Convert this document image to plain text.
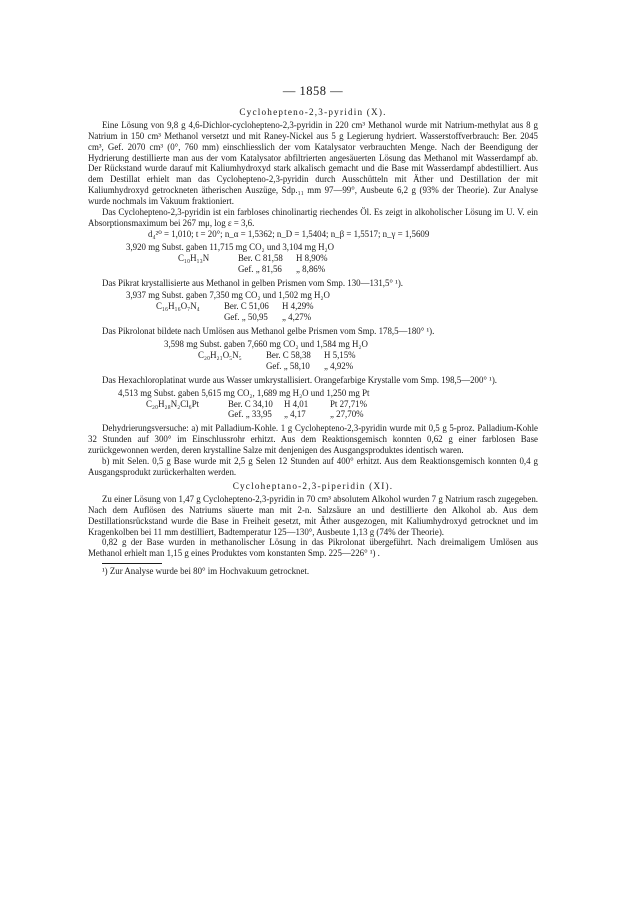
— 1858 —
Cyclohepteno-2,3-pyridin (X).

Eine Lösung von 9,8 g 4,6-Dichlor-cyclohepteno-2,3-pyridin in 220 cm³ Methanol wurde mit Natrium-methylat aus 8 g Natrium in 150 cm³ Methanol versetzt und mit Raney-Nickel aus 5 g Legierung hydriert. Wasserstoffverbrauch: Ber. 2045 cm³, Gef. 2070 cm³ (0°, 760 mm) einschliesslich der vom Katalysator verbrauchten Menge. Nach der Beendigung der Hydrierung destillierte man aus der vom Katalysator abfiltrierten angesäuerten Lösung das Methanol mit Wasserdampf ab. Der Rückstand wurde darauf mit Kaliumhydroxyd stark alkalisch gemacht und die Base mit Wasserdampf abdestilliert. Aus dem Destillat erhielt man das Cyclohepteno-2,3-pyridin durch Ausschütteln mit Äther und Destillation der mit Kaliumhydroxyd getrockneten ätherischen Auszüge, Sdp.₁₁ mm 97—99°, Ausbeute 6,2 g (93% der Theorie). Zur Analyse wurde nochmals im Vakuum fraktioniert.

Das Cyclohepteno-2,3-pyridin ist ein farbloses chinolinartig riechendes Öl. Es zeigt in alkoholischer Lösung im U. V. ein Absorptionsmaximum bei 267 mμ, log ε = 3,6.

d₄²⁰ = 1,010; t = 20°; n_α = 1,5362; n_D = 1,5404; n_β = 1,5517; n_γ = 1,5609
3,920 mg Subst. gaben 11,715 mg CO₂ und 3,104 mg H₂O
C₁₀H₁₃N	Ber. C 81,58	H 8,90%
Gef. „ 81,56	„ 8,86%

Das Pikrat krystallisierte aus Methanol in gelben Prismen vom Smp. 130—131,5° ¹).

3,937 mg Subst. gaben 7,350 mg CO₂ und 1,502 mg H₂O
C₁₆H₁₆O₇N₄	Ber. C 51,06	H 4,29%
Gef. „ 50,95	„ 4,27%

Das Pikrolonat bildete nach Umlösen aus Methanol gelbe Prismen vom Smp. 178,5—180° ¹).

3,598 mg Subst. gaben 7,660 mg CO₂ und 1,584 mg H₂O
C₂₀H₂₁O₅N₅	Ber. C 58,38	H 5,15%
Gef. „ 58,10	„ 4,92%

Das Hexachloroplatinat wurde aus Wasser umkrystallisiert. Orangefarbige Krystalle vom Smp. 198,5—200° ¹).

4,513 mg Subst. gaben 5,615 mg CO₂, 1,689 mg H₂O und 1,250 mg Pt
C₂₀H₂₈N₂Cl₆Pt	Ber. C 34,10	H 4,01	Pt 27,71%
Gef. „ 33,95	„ 4,17	„ 27,70%

Dehydrierungsversuche: a) mit Palladium-Kohle. 1 g Cyclohepteno-2,3-pyridin wurde mit 0,5 g 5-proz. Palladium-Kohle 32 Stunden auf 300° im Einschlussrohr erhitzt. Aus dem Reaktionsgemisch konnten 0,62 g einer farblosen Base zurückgewonnen werden, deren krystalline Salze mit denjenigen des Ausgangsproduktes identisch waren.

b) mit Selen. 0,5 g Base wurde mit 2,5 g Selen 12 Stunden auf 400° erhitzt. Aus dem Reaktionsgemisch konnten 0,4 g Ausgangsprodukt zurückerhalten werden.

Cycloheptano-2,3-piperidin (XI).

Zu einer Lösung von 1,47 g Cyclohepteno-2,3-pyridin in 70 cm³ absolutem Alkohol wurden 7 g Natrium rasch zugegeben. Nach dem Auflösen des Natriums säuerte man mit 2-n. Salzsäure an und destillierte den Alkohol ab. Aus dem Destillationsrückstand wurde die Base in Freiheit gesetzt, mit Äther ausgezogen, mit Kaliumhydroxyd getrocknet und im Kragenkolben bei 11 mm destilliert, Badtemperatur 125—130°, Ausbeute 1,13 g (74% der Theorie).

0,82 g der Base wurden in methanolischer Lösung in das Pikrolonat übergeführt. Nach dreimaligem Umlösen aus Methanol erhielt man 1,15 g eines Produktes vom konstanten Smp. 225—226° ¹) .

¹) Zur Analyse wurde bei 80° im Hochvakuum getrocknet.
